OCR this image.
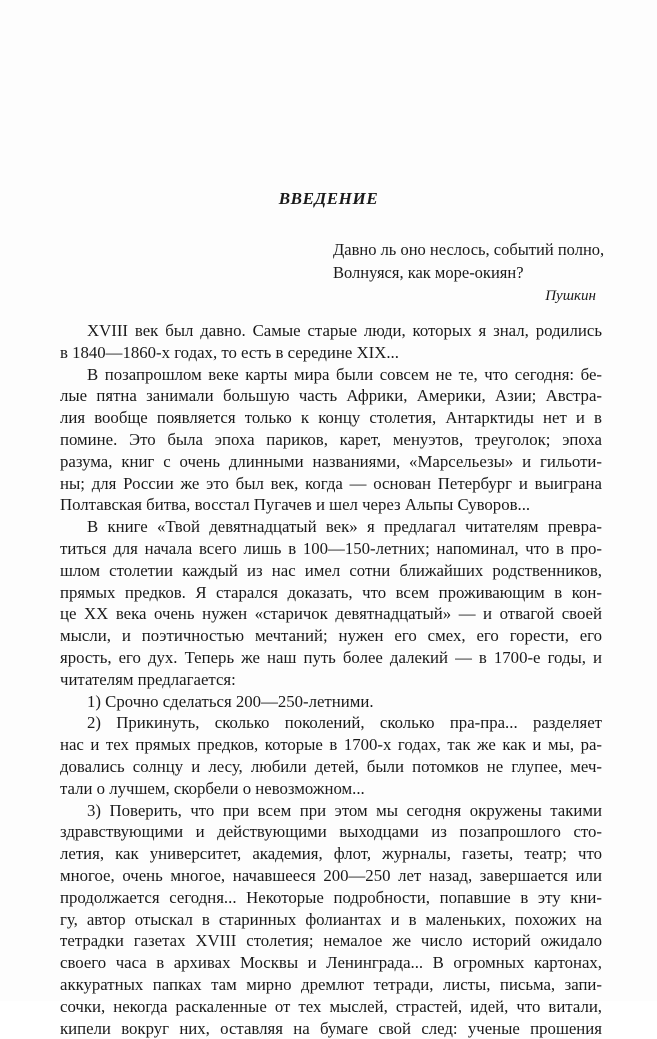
ВВЕДЕНИЕ
Давно ль оно неслось, событий полно,
Волнуяся, как море-окиян?
Пушкин
XVIII век был давно. Самые старые люди, которых я знал, родились
в 1840—1860-х годах, то есть в середине XIX...
В позапрошлом веке карты мира были совсем не те, что сегодня: бе-
лые пятна занимали большую часть Африки, Америки, Азии; Австра-
лия вообще появляется только к концу столетия, Антарктиды нет и в
помине. Это была эпоха париков, карет, менуэтов, треуголок; эпоха
разума, книг с очень длинными названиями, «Марсельезы» и гильоти-
ны; для России же это был век, когда — основан Петербург и выиграна
Полтавская битва, восстал Пугачев и шел через Альпы Суворов...
В книге «Твой девятнадцатый век» я предлагал читателям превра-
титься для начала всего лишь в 100—150-летних; напоминал, что в про-
шлом столетии каждый из нас имел сотни ближайших родственников,
прямых предков. Я старался доказать, что всем проживающим в кон-
це XX века очень нужен «старичок девятнадцатый» — и отвагой своей
мысли, и поэтичностью мечтаний; нужен его смех, его горести, его
ярость, его дух. Теперь же наш путь более далекий — в 1700-е годы, и
читателям предлагается:
1) Срочно сделаться 200—250-летними.
2) Прикинуть, сколько поколений, сколько пра-пра... разделяет
нас и тех прямых предков, которые в 1700-х годах, так же как и мы, ра-
довались солнцу и лесу, любили детей, были потомков не глупее, меч-
тали о лучшем, скорбели о невозможном...
3) Поверить, что при всем при этом мы сегодня окружены такими
здравствующими и действующими выходцами из позапрошлого сто-
летия, как университет, академия, флот, журналы, газеты, театр; что
многое, очень многое, начавшееся 200—250 лет назад, завершается или
продолжается сегодня... Некоторые подробности, попавшие в эту кни-
гу, автор отыскал в старинных фолиантах и в маленьких, похожих на
тетрадки газетах XVIII столетия; немалое же число историй ожидало
своего часа в архивах Москвы и Ленинграда... В огромных картонах,
аккуратных папках там мирно дремлют тетради, листы, письма, запи-
сочки, некогда раскаленные от тех мыслей, страстей, идей, что витали,
кипели вокруг них, оставляя на бумаге свой след: ученые прошения
